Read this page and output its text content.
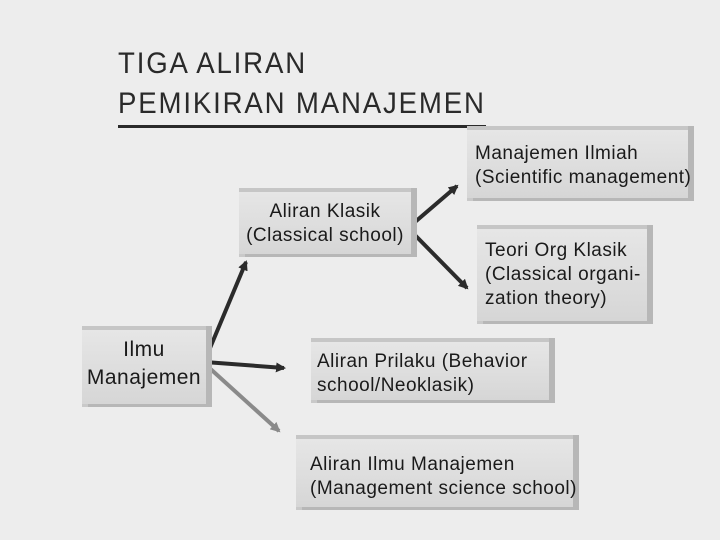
TIGA ALIRAN
PEMIKIRAN MANAJEMEN
Ilmu
Manajemen
Aliran Klasik
(Classical school)
Manajemen Ilmiah
(Scientific management)
Teori Org Klasik
(Classical organi-
zation theory)
Aliran Prilaku (Behavior
school/Neoklasik)
Aliran Ilmu Manajemen
(Management science school)
